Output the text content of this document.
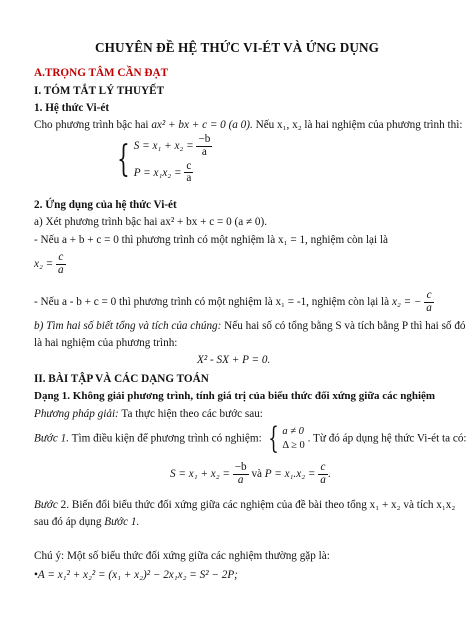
CHUYÊN ĐỀ HỆ THỨC VI-ÉT VÀ ỨNG DỤNG
A.TRỌNG TÂM CẦN ĐẠT
I. TÓM TẮT LÝ THUYẾT
1. Hệ thức Vi-ét
Cho phương trình bậc hai ax² + bx + c = 0 (a 0). Nếu x₁, x₂ là hai nghiệm của phương trình thì:
{ $S = x_1 + x_2 = \frac{-b}{a}$
$P = x_1x_2 = \frac{c}{a}$
2. Ứng dụng của hệ thức Vi-ét
a) Xét phương trình bậc hai ax² + bx + c = 0 (a ≠ 0).
- Nếu a + b + c = 0 thì phương trình có một nghiệm là x₁ = 1, nghiệm còn lại là
$x_2 = \frac{c}{a}$
- Nếu a - b + c = 0 thì phương trình có một nghiệm là x₁ = -1, nghiệm còn lại là x₂ = − $\frac{c}{a}$
b) Tìm hai số biết tổng và tích của chúng: Nếu hai số có tổng bằng S và tích bằng P thì hai số đó
là hai nghiệm của phương trình:
X² - SX + P = 0.
II. BÀI TẬP VÀ CÁC DẠNG TOÁN
Dạng 1. Không giải phương trình, tính giá trị của biểu thức đối xứng giữa các nghiệm
Phương pháp giải: Ta thực hiện theo các bước sau:
Bước 1. Tìm điều kiện để phương trình có nghiệm: { a ≠ 0
Δ ≥ 0
. Từ đó áp dụng hệ thức Vi-ét ta có:
$S = x_1 + x_2 = \frac{-b}{a}$ và $P = x_1.x_2 = \frac{c}{a}$ .
Bước 2. Biến đổi biểu thức đối xứng giữa các nghiệm của đề bài theo tổng x₁ + x₂ và tích x₁x₂
sau đó áp dụng Bước 1.
Chú ý: Một số biểu thức đối xứng giữa các nghiệm thường gặp là:
•A = x₁² + x₂² = (x₁ + x₂)² − 2x₁x₂ = S² − 2P;
